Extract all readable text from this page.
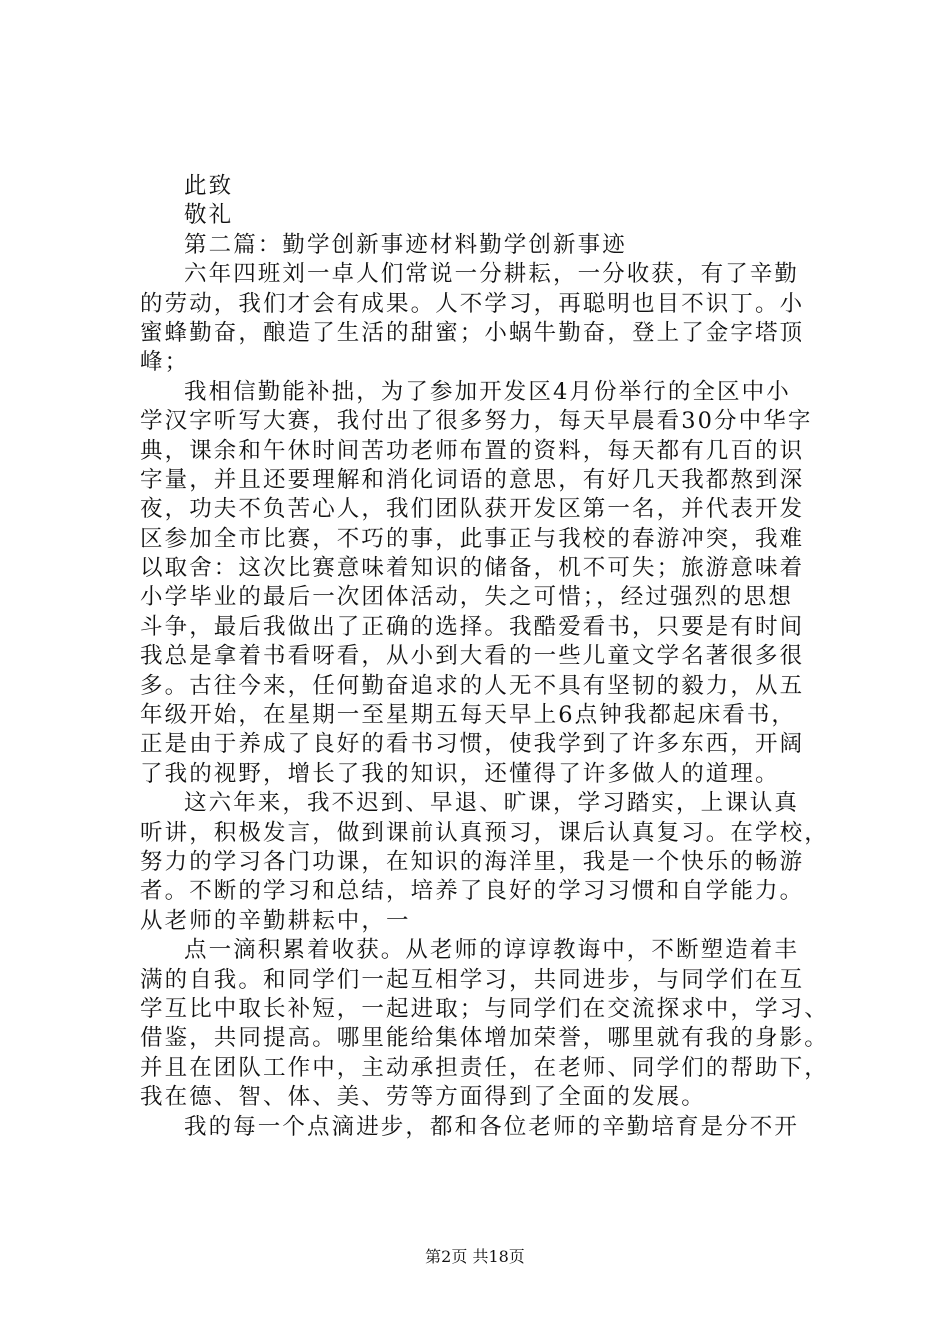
此致

敬礼

第二篇：勤学创新事迹材料勤学创新事迹

六年四班刘一卓人们常说一分耕耘，一分收获，有了辛勤

的劳动，我们才会有成果。人不学习，再聪明也目不识丁。小

蜜蜂勤奋，酿造了生活的甜蜜；小蜗牛勤奋，登上了金字塔顶

峰；

我相信勤能补拙，为了参加开发区4月份举行的全区中小

学汉字听写大赛，我付出了很多努力，每天早晨看30分中华字

典，课余和午休时间苦功老师布置的资料，每天都有几百的识

字量，并且还要理解和消化词语的意思，有好几天我都熬到深

夜，功夫不负苦心人，我们团队获开发区第一名，并代表开发

区参加全市比赛，不巧的事，此事正与我校的春游冲突，我难

以取舍：这次比赛意味着知识的储备，机不可失；旅游意味着

小学毕业的最后一次团体活动，失之可惜；，经过强烈的思想

斗争，最后我做出了正确的选择。我酷爱看书，只要是有时间

我总是拿着书看呀看，从小到大看的一些儿童文学名著很多很

多。古往今来，任何勤奋追求的人无不具有坚韧的毅力，从五

年级开始，在星期一至星期五每天早上6点钟我都起床看书，

正是由于养成了良好的看书习惯，使我学到了许多东西，开阔

了我的视野，增长了我的知识，还懂得了许多做人的道理。

这六年来，我不迟到、早退、旷课，学习踏实，上课认真

听讲，积极发言，做到课前认真预习，课后认真复习。在学校，

努力的学习各门功课，在知识的海洋里，我是一个快乐的畅游

者。不断的学习和总结，培养了良好的学习习惯和自学能力。

从老师的辛勤耕耘中，一

点一滴积累着收获。从老师的谆谆教诲中，不断塑造着丰

满的自我。和同学们一起互相学习，共同进步，与同学们在互

学互比中取长补短，一起进取；与同学们在交流探求中，学习、

借鉴，共同提高。哪里能给集体增加荣誉，哪里就有我的身影。

并且在团队工作中，主动承担责任，在老师、同学们的帮助下，

我在德、智、体、美、劳等方面得到了全面的发展。

我的每一个点滴进步，都和各位老师的辛勤培育是分不开

第2页 共18页
